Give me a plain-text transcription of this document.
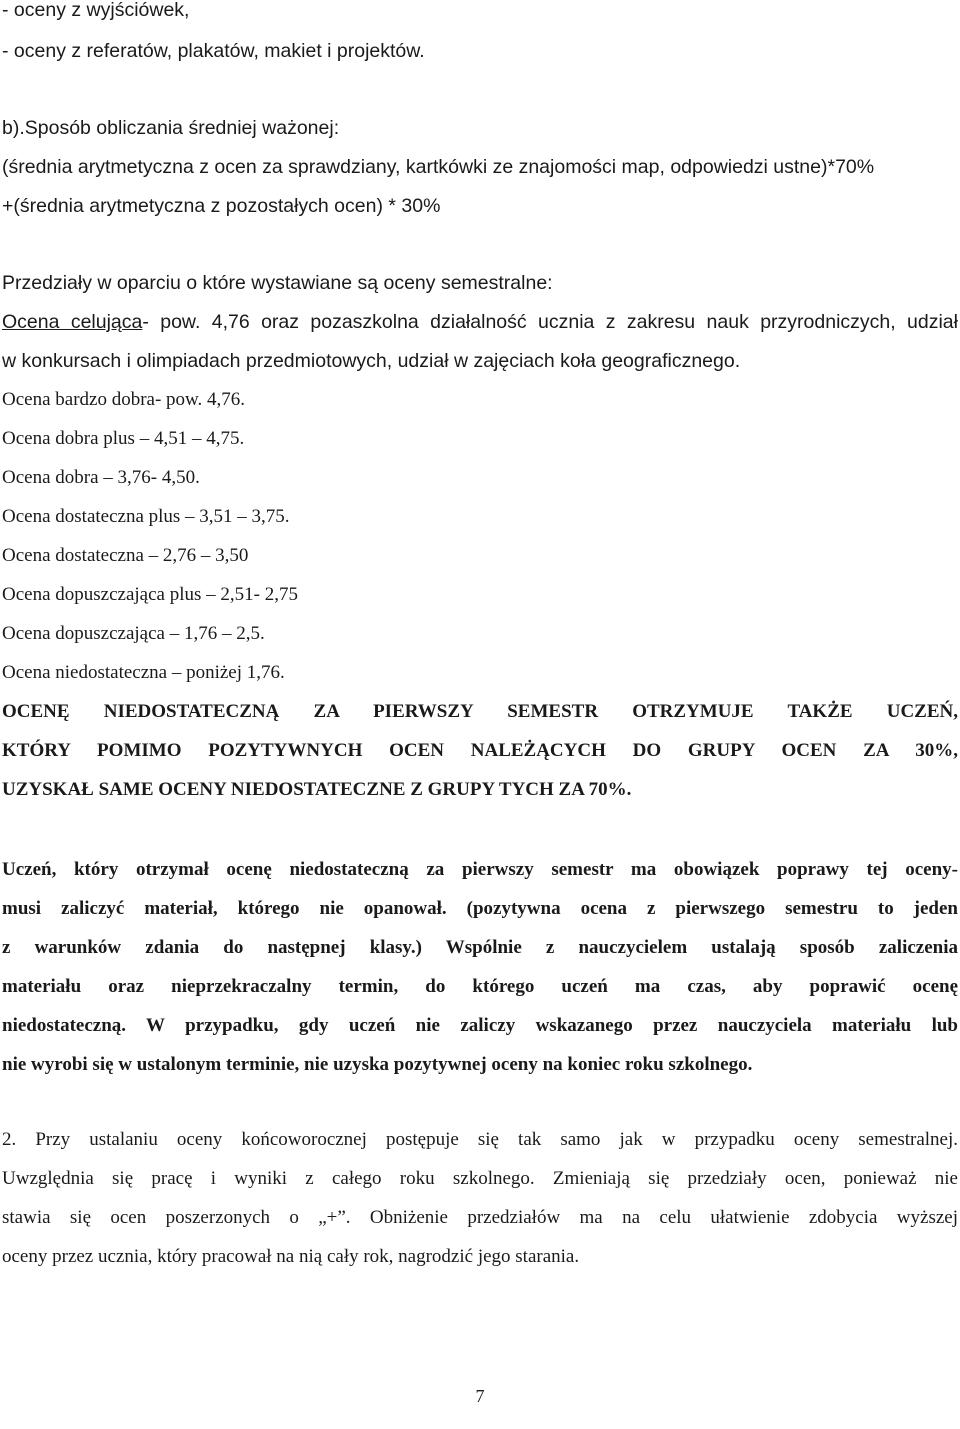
- oceny z wyjściówek,
- oceny z referatów, plakatów, makiet i projektów.
b).Sposób obliczania średniej ważonej:
(średnia arytmetyczna z ocen za sprawdziany, kartkówki ze znajomości map, odpowiedzi ustne)*70%
+(średnia arytmetyczna z pozostałych ocen) * 30%
Przedziały w oparciu o które wystawiane są oceny semestralne:
Ocena celująca- pow. 4,76 oraz pozaszkolna działalność ucznia z zakresu nauk przyrodniczych, udział
w konkursach i olimpiadach przedmiotowych, udział w zajęciach koła geograficznego.
Ocena bardzo dobra- pow. 4,76.
Ocena dobra plus – 4,51 – 4,75.
Ocena dobra – 3,76- 4,50.
Ocena dostateczna plus – 3,51 – 3,75.
Ocena dostateczna – 2,76 – 3,50
Ocena dopuszczająca plus – 2,51- 2,75
Ocena dopuszczająca – 1,76 – 2,5.
Ocena niedostateczna – poniżej 1,76.
OCENĘ NIEDOSTATECZNĄ ZA PIERWSZY SEMESTR OTRZYMUJE TAKŻE UCZEŃ,
KTÓRY POMIMO POZYTYWNYCH OCEN NALEŻĄCYCH DO GRUPY OCEN ZA 30%,
UZYSKAŁ SAME OCENY NIEDOSTATECZNE Z GRUPY TYCH ZA 70%.
Uczeń, który otrzymał ocenę niedostateczną za pierwszy semestr ma obowiązek poprawy tej oceny-
musi zaliczyć materiał, którego nie opanował. (pozytywna ocena z pierwszego semestru to jeden
z warunków zdania do następnej klasy.) Wspólnie z nauczycielem ustalają sposób zaliczenia
materiału oraz nieprzekraczalny termin, do którego uczeń ma czas, aby poprawić ocenę
niedostateczną. W przypadku, gdy uczeń nie zaliczy wskazanego przez nauczyciela materiału lub
nie wyrobi się w ustalonym terminie, nie uzyska pozytywnej oceny na koniec roku szkolnego.
2. Przy ustalaniu oceny końcoworocznej postępuje się tak samo jak w przypadku oceny semestralnej.
Uwzględnia się pracę i wyniki z całego roku szkolnego. Zmieniają się przedziały ocen, ponieważ nie
stawia się ocen poszerzonych o „+”. Obniżenie przedziałów ma na celu ułatwienie zdobycia wyższej
oceny przez ucznia, który pracował na nią cały rok, nagrodzić jego starania.
7
